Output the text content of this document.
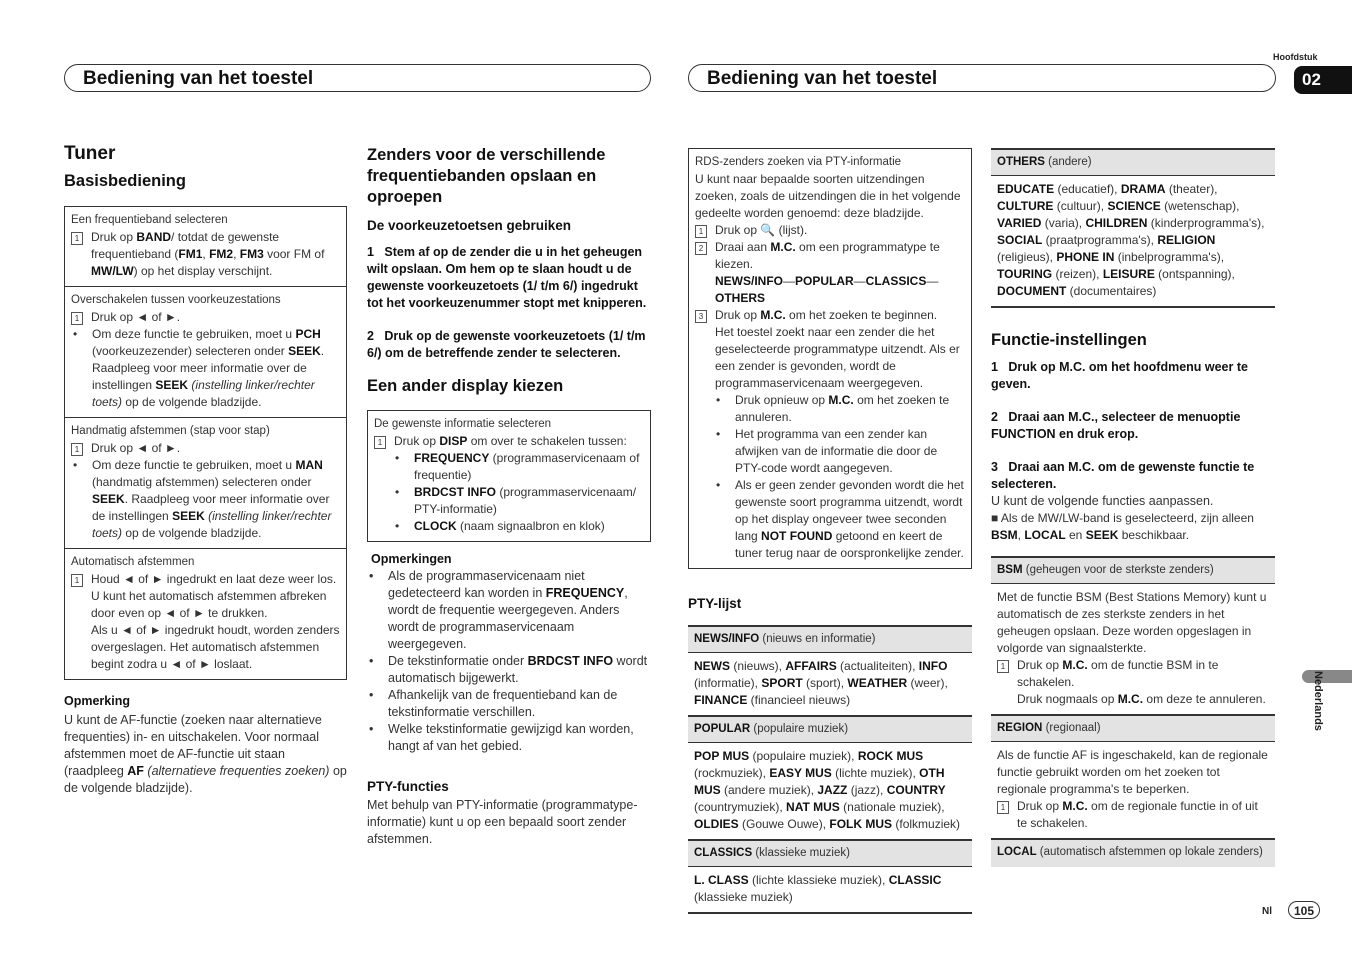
Bediening van het toestel	Bediening van het toestel
Hoofdstuk
02
Nederlands
Nl	105
Tuner
Basisbediening
Een frequentieband selecteren
1 Druk op BAND/ totdat de gewenste frequentieband (FM1, FM2, FM3 voor FM of MW/LW) op het display verschijnt.
Overschakelen tussen voorkeuzestations
1 Druk op ◄ of ►.
•	Om deze functie te gebruiken, moet u PCH (voorkeuzezender) selecteren onder SEEK. Raadpleeg voor meer informatie over de instellingen SEEK (instelling linker/rechter toets) op de volgende bladzijde.
Handmatig afstemmen (stap voor stap)
1 Druk op ◄ of ►.
•	Om deze functie te gebruiken, moet u MAN (handmatig afstemmen) selecteren onder SEEK. Raadpleeg voor meer informatie over de instellingen SEEK (instelling linker/rechter toets) op de volgende bladzijde.
Automatisch afstemmen
1 Houd ◄ of ► ingedrukt en laat deze weer los.
U kunt het automatisch afstemmen afbreken door even op ◄ of ► te drukken.
Als u ◄ of ► ingedrukt houdt, worden zenders overgeslagen. Het automatisch afstemmen begint zodra u ◄ of ► loslaat.
Opmerking
U kunt de AF-functie (zoeken naar alternatieve frequenties) in- en uitschakelen. Voor normaal afstemmen moet de AF-functie uit staan (raadpleeg AF (alternatieve frequenties zoeken) op de volgende bladzijde).
Zenders voor de verschillende frequentiebanden opslaan en oproepen
De voorkeuzetoetsen gebruiken
1   Stem af op de zender die u in het geheugen wilt opslaan. Om hem op te slaan houdt u de gewenste voorkeuzetoets (1/ t/m 6/) ingedrukt tot het voorkeuzenummer stopt met knipperen.
2   Druk op de gewenste voorkeuzetoets (1/ t/m 6/) om de betreffende zender te selecteren.
Een ander display kiezen
De gewenste informatie selecteren
1 Druk op DISP om over te schakelen tussen:
•	FREQUENCY (programmaservicenaam of frequentie)
•	BRDCST INFO (programmaservicenaam/ PTY-informatie)
•	CLOCK (naam signaalbron en klok)
Opmerkingen
•	Als de programmaservicenaam niet gedetecteerd kan worden in FREQUENCY, wordt de frequentie weergegeven. Anders wordt de programmaservicenaam weergegeven.
•	De tekstinformatie onder BRDCST INFO wordt automatisch bijgewerkt.
•	Afhankelijk van de frequentieband kan de tekstinformatie verschillen.
•	Welke tekstinformatie gewijzigd kan worden, hangt af van het gebied.
PTY-functies
Met behulp van PTY-informatie (programmatype-informatie) kunt u op een bepaald soort zender afstemmen.
RDS-zenders zoeken via PTY-informatie
U kunt naar bepaalde soorten uitzendingen zoeken, zoals de uitzendingen die in het volgende gedeelte worden genoemd: deze bladzijde.
1 Druk op 🔍 (lijst).
2 Draai aan M.C. om een programmatype te kiezen.
NEWS/INFO—POPULAR—CLASSICS—OTHERS
3 Druk op M.C. om het zoeken te beginnen.
Het toestel zoekt naar een zender die het geselecteerde programmatype uitzendt. Als er een zender is gevonden, wordt de programmaservicenaam weergegeven.
•	Druk opnieuw op M.C. om het zoeken te annuleren.
•	Het programma van een zender kan afwijken van de informatie die door de PTY-code wordt aangegeven.
•	Als er geen zender gevonden wordt die het gewenste soort programma uitzendt, wordt op het display ongeveer twee seconden lang NOT FOUND getoond en keert de tuner terug naar de oorspronkelijke zender.
PTY-lijst
NEWS/INFO (nieuws en informatie)
NEWS (nieuws), AFFAIRS (actualiteiten), INFO (informatie), SPORT (sport), WEATHER (weer), FINANCE (financieel nieuws)
POPULAR (populaire muziek)
POP MUS (populaire muziek), ROCK MUS (rockmuziek), EASY MUS (lichte muziek), OTH MUS (andere muziek), JAZZ (jazz), COUNTRY (countrymuziek), NAT MUS (nationale muziek), OLDIES (Gouwe Ouwe), FOLK MUS (folkmuziek)
CLASSICS (klassieke muziek)
L. CLASS (lichte klassieke muziek), CLASSIC (klassieke muziek)
OTHERS (andere)
EDUCATE (educatief), DRAMA (theater), CULTURE (cultuur), SCIENCE (wetenschap), VARIED (varia), CHILDREN (kinderprogramma's), SOCIAL (praatprogramma's), RELIGION (religieus), PHONE IN (inbelprogramma's), TOURING (reizen), LEISURE (ontspanning), DOCUMENT (documentaires)
Functie-instellingen
1   Druk op M.C. om het hoofdmenu weer te geven.
2   Draai aan M.C., selecteer de menuoptie FUNCTION en druk erop.
3   Draai aan M.C. om de gewenste functie te selecteren.
U kunt de volgende functies aanpassen.
■ Als de MW/LW-band is geselecteerd, zijn alleen BSM, LOCAL en SEEK beschikbaar.
BSM (geheugen voor de sterkste zenders)
Met de functie BSM (Best Stations Memory) kunt u automatisch de zes sterkste zenders in het geheugen opslaan. Deze worden opgeslagen in volgorde van signaalsterkte.
1 Druk op M.C. om de functie BSM in te schakelen.
Druk nogmaals op M.C. om deze te annuleren.
REGION (regionaal)
Als de functie AF is ingeschakeld, kan de regionale functie gebruikt worden om het zoeken tot regionale programma's te beperken.
1 Druk op M.C. om de regionale functie in of uit te schakelen.
LOCAL (automatisch afstemmen op lokale zenders)
